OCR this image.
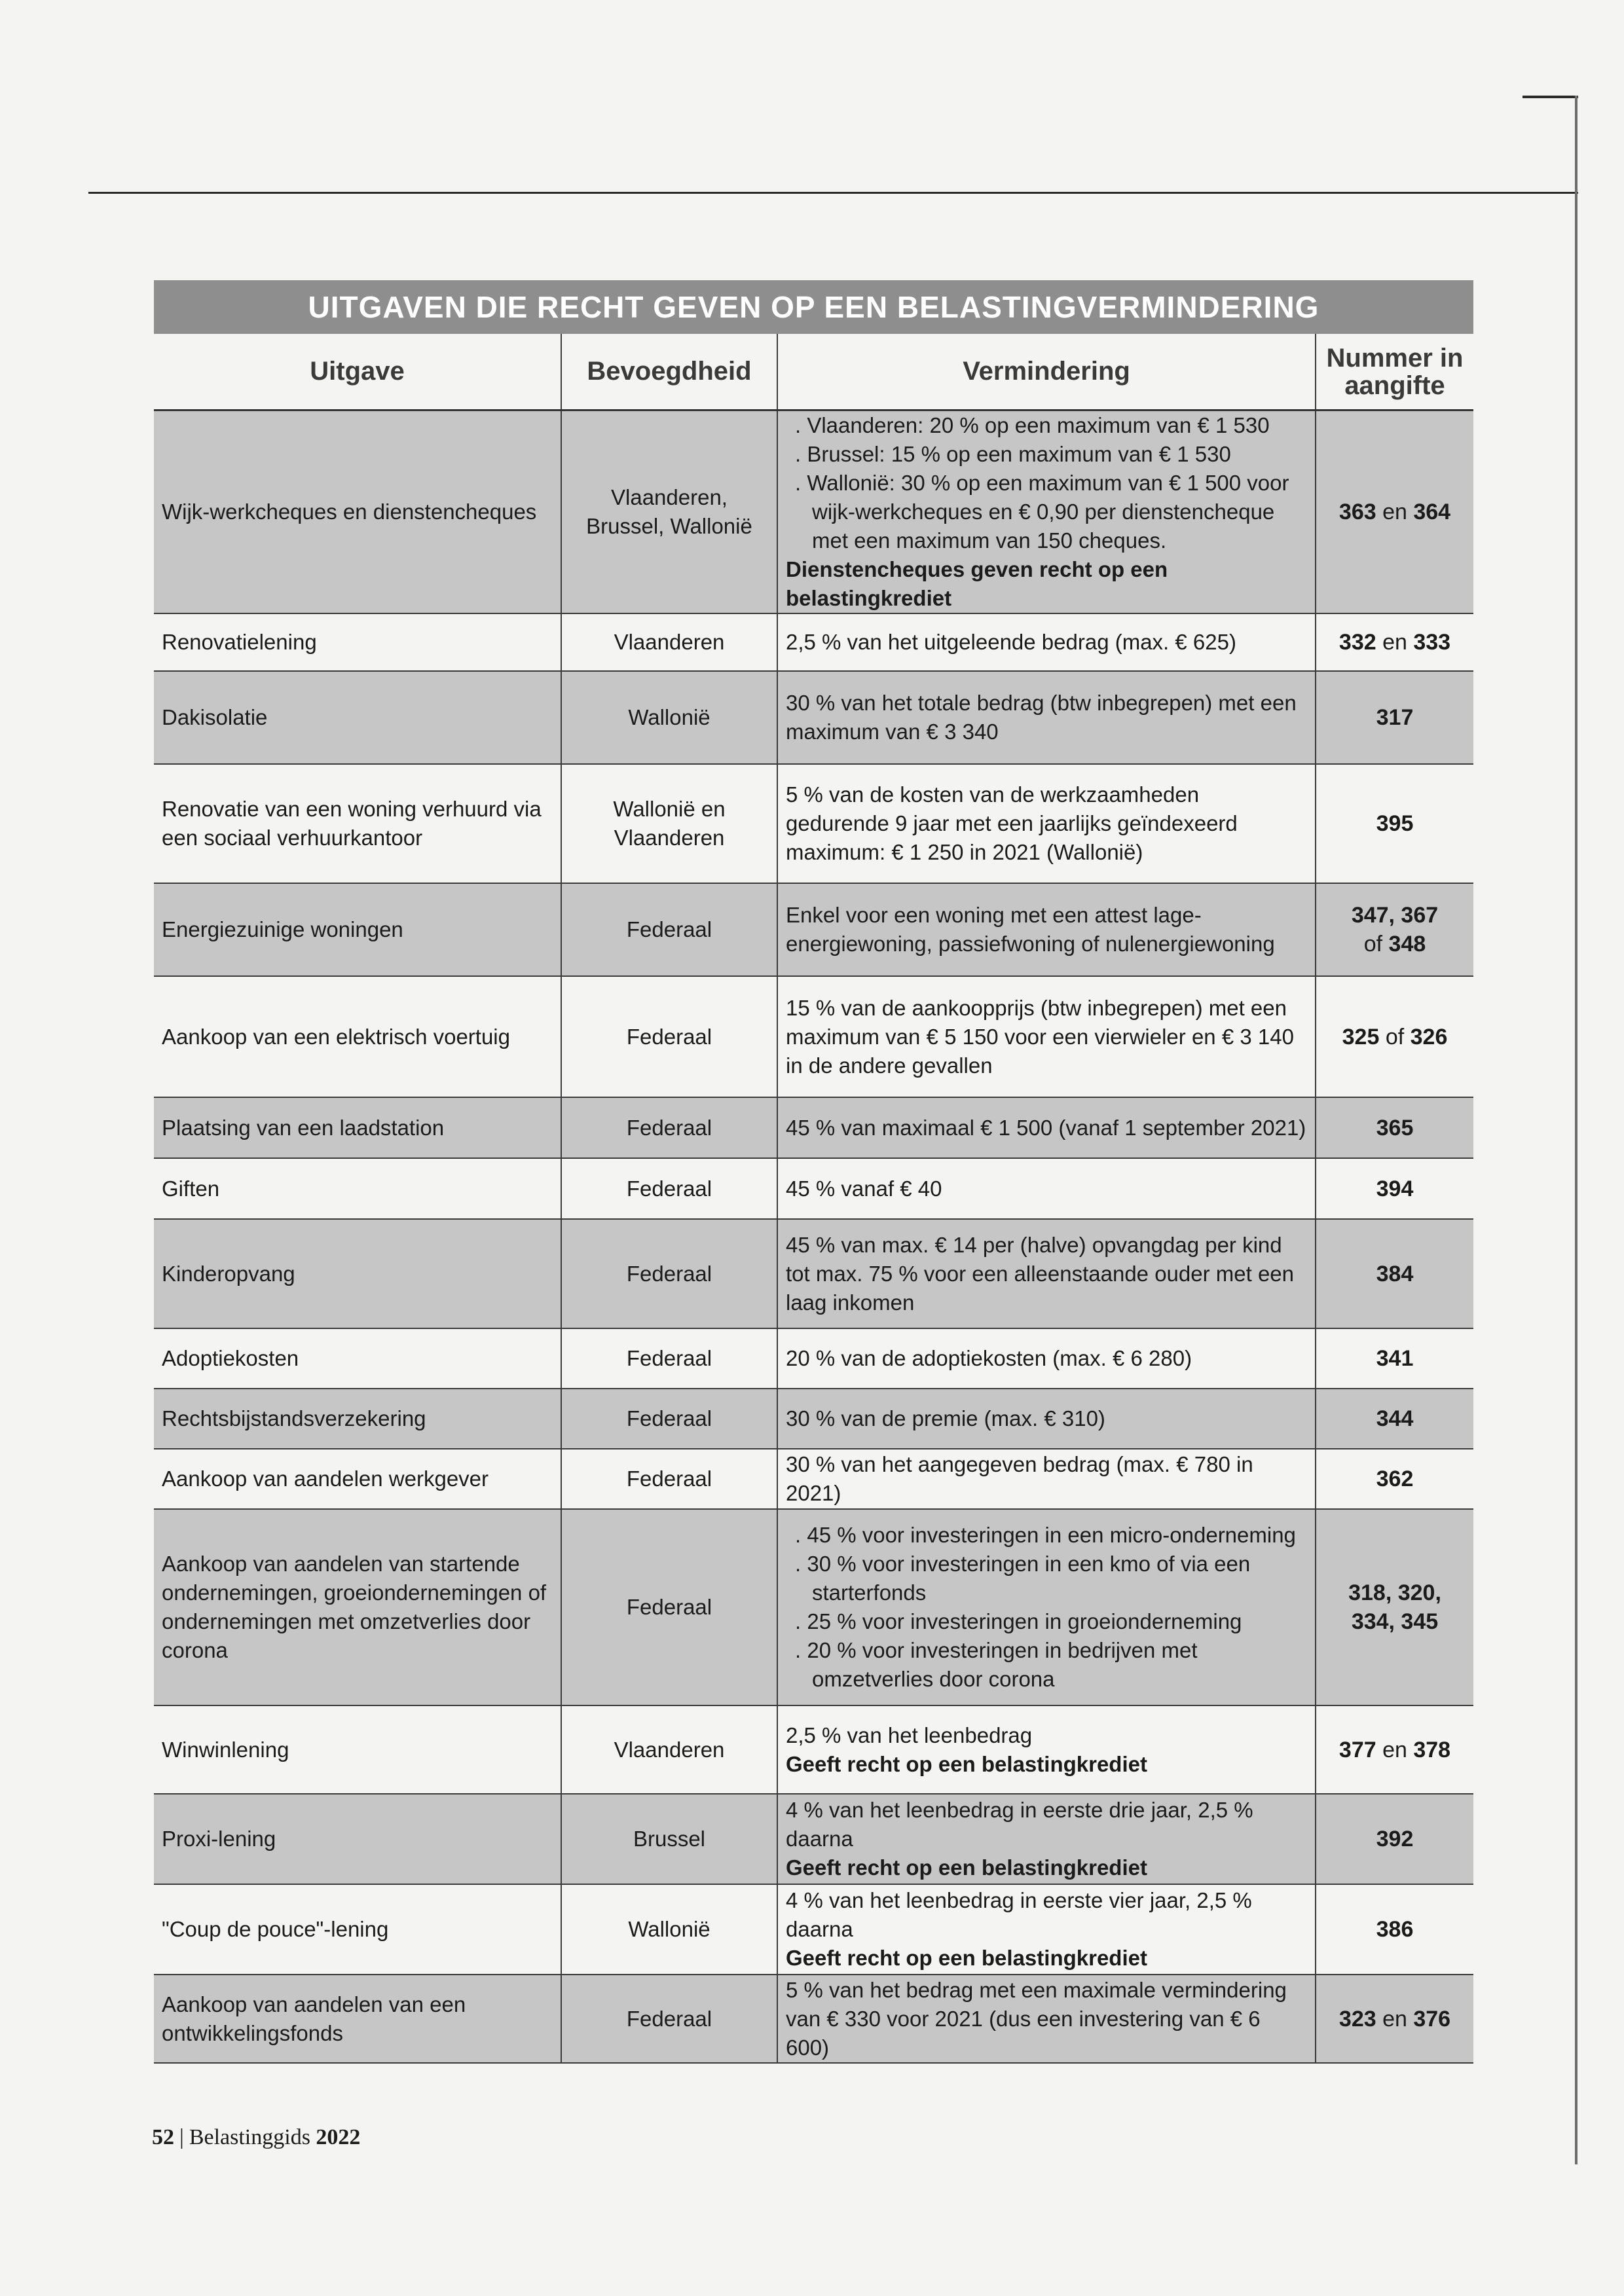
UITGAVEN DIE RECHT GEVEN OP EEN BELASTINGVERMINDERING
Uitgave	Bevoegdheid	Vermindering	Nummer in
aangifte
Wijk-werkcheques en dienstencheques	Vlaanderen,
Brussel, Wallonië	. Vlaanderen: 20 % op een maximum van € 1 530
. Brussel: 15 % op een maximum van € 1 530
. Wallonië: 30 % op een maximum van € 1 500 voor wijk-werkcheques en € 0,90 per dienstencheque met een maximum van 150 cheques.
Dienstencheques geven recht op een belastingkrediet	363 en 364
Renovatielening	Vlaanderen	2,5 % van het uitgeleende bedrag (max. € 625)	332 en 333
Dakisolatie	Wallonië	30 % van het totale bedrag (btw inbegrepen) met een maximum van € 3 340	317
Renovatie van een woning verhuurd via een sociaal verhuurkantoor	Wallonië en
Vlaanderen	5 % van de kosten van de werkzaamheden gedurende 9 jaar met een jaarlijks geïndexeerd maximum: € 1 250 in 2021 (Wallonië)	395
Energiezuinige woningen	Federaal	Enkel voor een woning met een attest lage-energiewoning, passiefwoning of nulenergiewoning	347, 367
of 348
Aankoop van een elektrisch voertuig	Federaal	15 % van de aankoopprijs (btw inbegrepen) met een maximum van € 5 150 voor een vierwieler en € 3 140 in de andere gevallen	325 of 326
Plaatsing van een laadstation	Federaal	45 % van maximaal € 1 500 (vanaf 1 september 2021)	365
Giften	Federaal	45 % vanaf € 40	394
Kinderopvang	Federaal	45 % van max. € 14 per (halve) opvangdag per kind tot max. 75 % voor een alleenstaande ouder met een laag inkomen	384
Adoptiekosten	Federaal	20 % van de adoptiekosten (max. € 6 280)	341
Rechtsbijstandsverzekering	Federaal	30 % van de premie (max. € 310)	344
Aankoop van aandelen werkgever	Federaal	30 % van het aangegeven bedrag (max. € 780 in 2021)	362
Aankoop van aandelen van startende ondernemingen, groeiondernemingen of ondernemingen met omzetverlies door corona	Federaal	. 45 % voor investeringen in een micro-onderneming
. 30 % voor investeringen in een kmo of via een starterfonds
. 25 % voor investeringen in groeionderneming
. 20 % voor investeringen in bedrijven met omzetverlies door corona	318, 320,
334, 345
Winwinlening	Vlaanderen	2,5 % van het leenbedrag
Geeft recht op een belastingkrediet	377 en 378
Proxi-lening	Brussel	4 % van het leenbedrag in eerste drie jaar, 2,5 % daarna
Geeft recht op een belastingkrediet	392
"Coup de pouce"-lening	Wallonië	4 % van het leenbedrag in eerste vier jaar, 2,5 % daarna
Geeft recht op een belastingkrediet	386
Aankoop van aandelen van een ontwikkelingsfonds	Federaal	5 % van het bedrag met een maximale vermindering van € 330 voor 2021 (dus een investering van € 6 600)	323 en 376
52 | Belastinggids 2022
